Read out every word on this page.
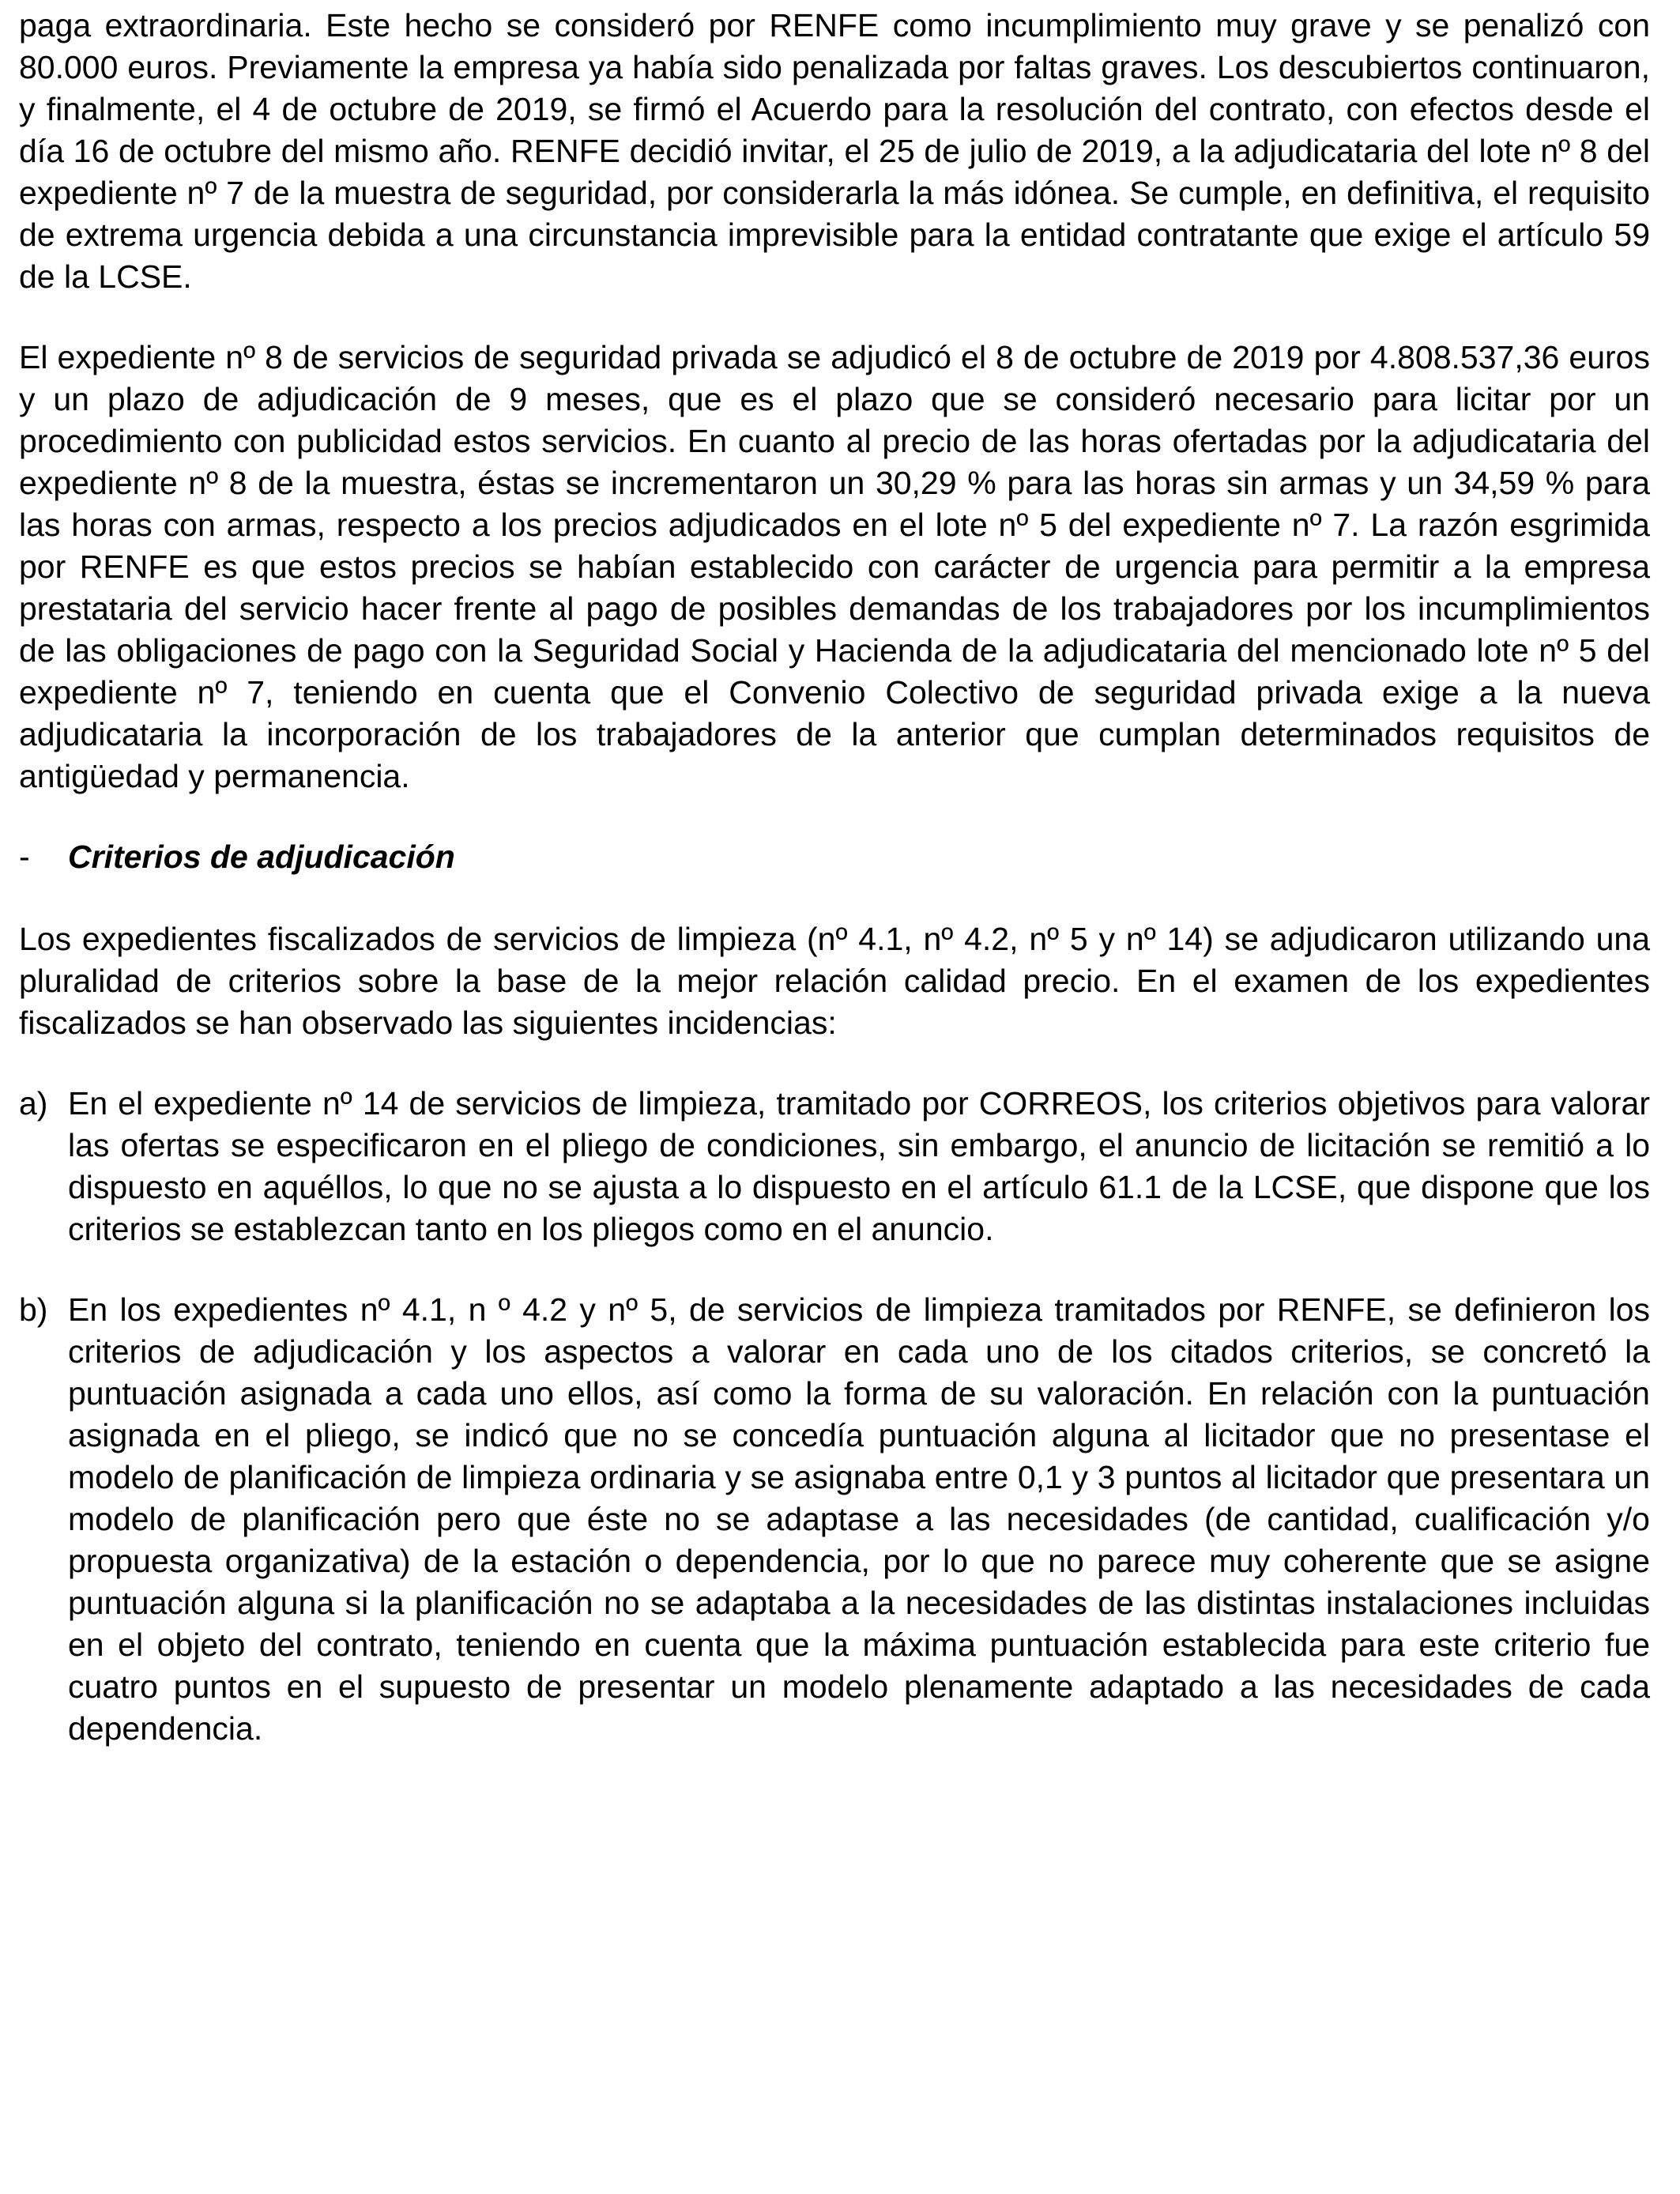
paga extraordinaria. Este hecho se consideró por RENFE como incumplimiento muy grave y se penalizó con 80.000 euros. Previamente la empresa ya había sido penalizada por faltas graves. Los descubiertos continuaron, y finalmente, el 4 de octubre de 2019, se firmó el Acuerdo para la resolución del contrato, con efectos desde el día 16 de octubre del mismo año. RENFE decidió invitar, el 25 de julio de 2019, a la adjudicataria del lote nº 8 del expediente nº 7 de la muestra de seguridad, por considerarla la más idónea. Se cumple, en definitiva, el requisito de extrema urgencia debida a una circunstancia imprevisible para la entidad contratante que exige el artículo 59 de la LCSE.

El expediente nº 8 de servicios de seguridad privada se adjudicó el 8 de octubre de 2019 por 4.808.537,36 euros y un plazo de adjudicación de 9 meses, que es el plazo que se consideró necesario para licitar por un procedimiento con publicidad estos servicios. En cuanto al precio de las horas ofertadas por la adjudicataria del expediente nº 8 de la muestra, éstas se incrementaron un 30,29 % para las horas sin armas y un 34,59 % para las horas con armas, respecto a los precios adjudicados en el lote nº 5 del expediente nº 7. La razón esgrimida por RENFE es que estos precios se habían establecido con carácter de urgencia para permitir a la empresa prestataria del servicio hacer frente al pago de posibles demandas de los trabajadores por los incumplimientos de las obligaciones de pago con la Seguridad Social y Hacienda de la adjudicataria del mencionado lote nº 5 del expediente nº 7, teniendo en cuenta que el Convenio Colectivo de seguridad privada exige a la nueva adjudicataria la incorporación de los trabajadores de la anterior que cumplan determinados requisitos de antigüedad y permanencia.

-	Criterios de adjudicación

Los expedientes fiscalizados de servicios de limpieza (nº 4.1, nº 4.2, nº 5 y nº 14) se adjudicaron utilizando una pluralidad de criterios sobre la base de la mejor relación calidad precio. En el examen de los expedientes fiscalizados se han observado las siguientes incidencias:

a) En el expediente nº 14 de servicios de limpieza, tramitado por CORREOS, los criterios objetivos para valorar las ofertas se especificaron en el pliego de condiciones, sin embargo, el anuncio de licitación se remitió a lo dispuesto en aquéllos, lo que no se ajusta a lo dispuesto en el artículo 61.1 de la LCSE, que dispone que los criterios se establezcan tanto en los pliegos como en el anuncio.
b) En los expedientes nº 4.1, n º 4.2 y nº 5, de servicios de limpieza tramitados por RENFE, se definieron los criterios de adjudicación y los aspectos a valorar en cada uno de los citados criterios, se concretó la puntuación asignada a cada uno ellos, así como la forma de su valoración. En relación con la puntuación asignada en el pliego, se indicó que no se concedía puntuación alguna al licitador que no presentase el modelo de planificación de limpieza ordinaria y se asignaba entre 0,1 y 3 puntos al licitador que presentara un modelo de planificación pero que éste no se adaptase a las necesidades (de cantidad, cualificación y/o propuesta organizativa) de la estación o dependencia, por lo que no parece muy coherente que se asigne puntuación alguna si la planificación no se adaptaba a la necesidades de las distintas instalaciones incluidas en el objeto del contrato, teniendo en cuenta que la máxima puntuación establecida para este criterio fue cuatro puntos en el supuesto de presentar un modelo plenamente adaptado a las necesidades de cada dependencia.
